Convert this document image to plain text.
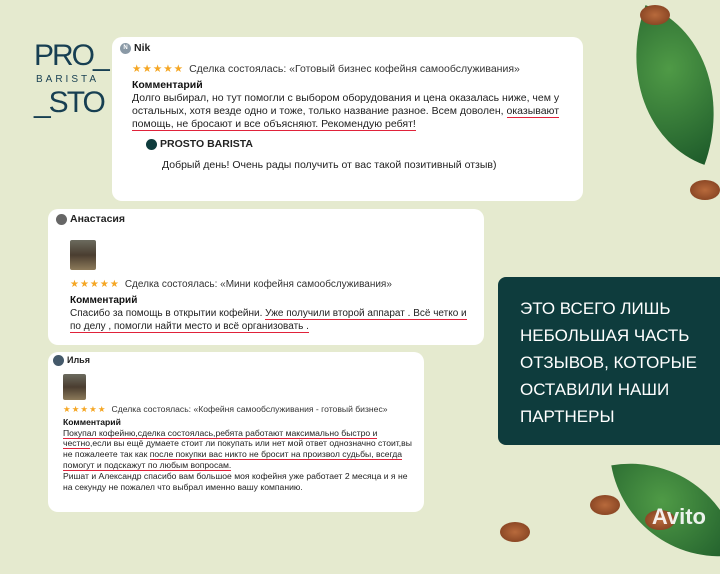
PRO_
BARISTA
_STO
N Nik
★★★★★ Сделка состоялась: «Готовый бизнес кофейня самообслуживания»
Комментарий
Долго выбирал, но тут помогли с выбором оборудования и цена оказалась ниже, чем у остальных, хотя везде одно и тоже, только название разное. Всем доволен, оказывают помощь, не бросают и все объясняют. Рекомендую ребят!
PROSTO BARISTA
Добрый день! Очень рады получить от вас такой позитивный отзыв)
Анастасия
★★★★★ Сделка состоялась: «Мини кофейня самообслуживания»
Комментарий
Спасибо за помощь в открытии кофейни. Уже получили второй аппарат . Всё четко и по делу , помогли найти место и всё организовать .
Илья
★★★★★ Сделка состоялась: «Кофейня самообслуживания - готовый бизнес»
Комментарий
Покупал кофейню,сделка состоялась,ребята работают максимально быстро и честно,если вы ещё думаете стоит ли покупать или нет мой ответ однозначно стоит,вы не пожалеете так как после покупки вас никто не бросит на произвол судьбы, всегда помогут и подскажут по любым вопросам.
Ришат и Александр спасибо вам большое моя кофейня уже работает 2 месяца и я не на секунду не пожалел что выбрал именно вашу компанию.
ЭТО ВСЕГО ЛИШЬ НЕБОЛЬШАЯ ЧАСТЬ ОТЗЫВОВ, КОТОРЫЕ ОСТАВИЛИ НАШИ ПАРТНЕРЫ
Avito
